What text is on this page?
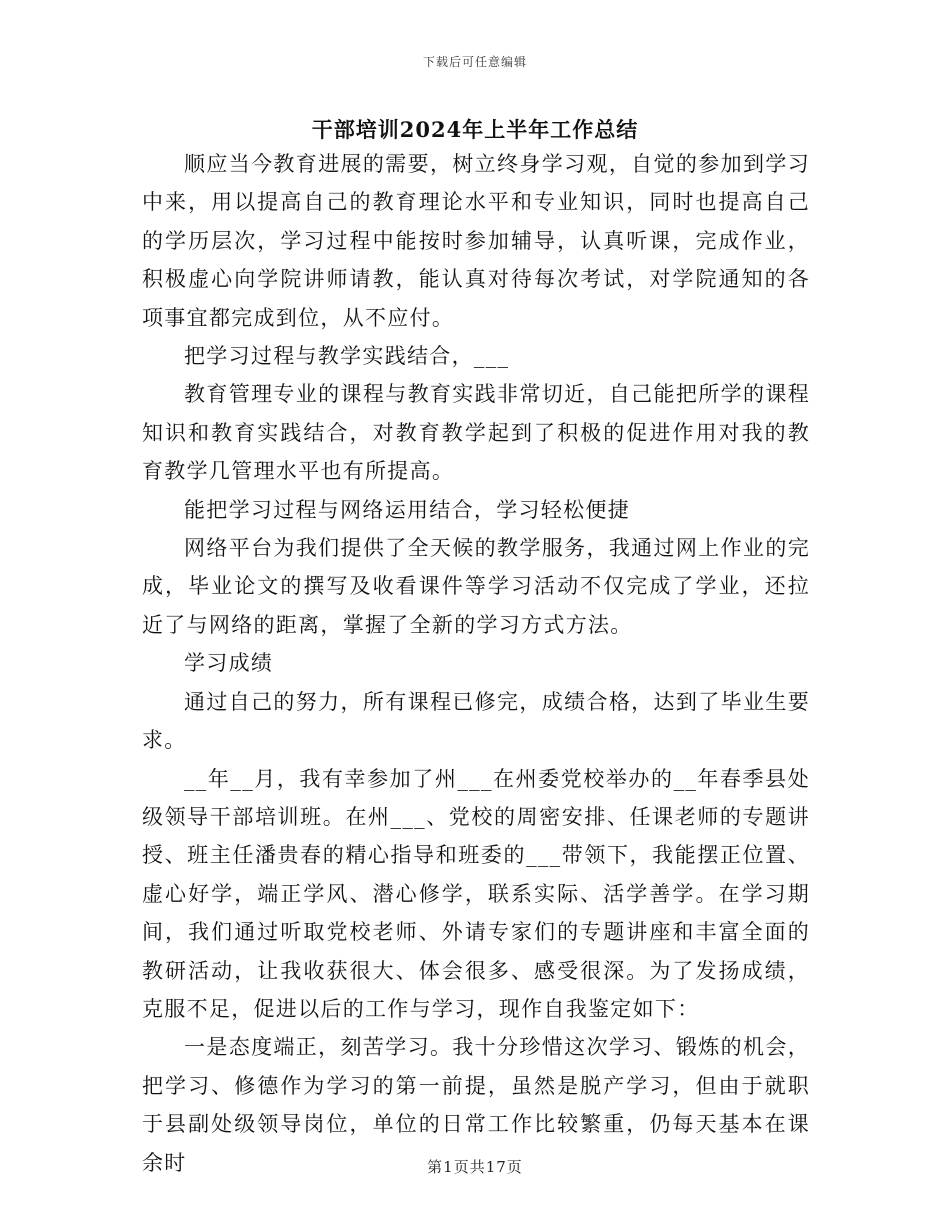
下载后可任意编辑
干部培训2024年上半年工作总结

顺应当今教育进展的需要，树立终身学习观，自觉的参加到学习中来，用以提高自己的教育理论水平和专业知识，同时也提高自己的学历层次，学习过程中能按时参加辅导，认真听课，完成作业，积极虚心向学院讲师请教，能认真对待每次考试，对学院通知的各项事宜都完成到位，从不应付。

把学习过程与教学实践结合，___

教育管理专业的课程与教育实践非常切近，自己能把所学的课程知识和教育实践结合，对教育教学起到了积极的促进作用对我的教育教学几管理水平也有所提高。

能把学习过程与网络运用结合，学习轻松便捷

网络平台为我们提供了全天候的教学服务，我通过网上作业的完成，毕业论文的撰写及收看课件等学习活动不仅完成了学业，还拉近了与网络的距离，掌握了全新的学习方式方法。

学习成绩

通过自己的努力，所有课程已修完，成绩合格，达到了毕业生要求。

__年__月，我有幸参加了州___在州委党校举办的__年春季县处级领导干部培训班。在州___、党校的周密安排、任课老师的专题讲授、班主任潘贵春的精心指导和班委的___带领下，我能摆正位置、虚心好学，端正学风、潜心修学，联系实际、活学善学。在学习期间，我们通过听取党校老师、外请专家们的专题讲座和丰富全面的教研活动，让我收获很大、体会很多、感受很深。为了发扬成绩，克服不足，促进以后的工作与学习，现作自我鉴定如下：

一是态度端正，刻苦学习。我十分珍惜这次学习、锻炼的机会，把学习、修德作为学习的第一前提，虽然是脱产学习，但由于就职于县副处级领导岗位，单位的日常工作比较繁重，仍每天基本在课余时	第1页共17页
